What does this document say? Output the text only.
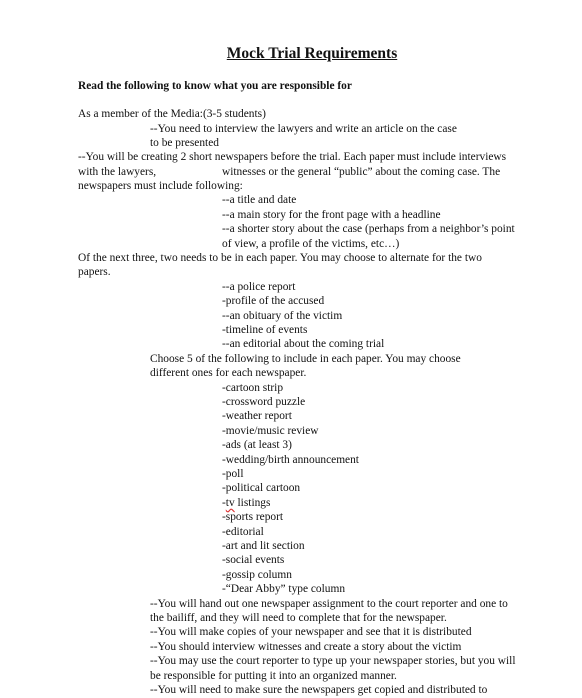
Mock Trial Requirements
Read the following to know what you are responsible for
As a member of the Media:(3-5 students)
--You need to interview the lawyers and write an article on the case
to be presented
--You will be creating 2 short newspapers before the trial. Each paper must include interviews
with the lawyers,	witnesses or the general “public” about the coming case. The
newspapers must include following:
--a title and date
--a main story for the front page with a headline
--a shorter story about the case (perhaps from a neighbor’s point
of view, a profile of the victims, etc…)
Of the next three, two needs to be in each paper. You may choose to alternate for the two
papers.
--a police report
-profile of the accused
--an obituary of the victim
-timeline of events
--an editorial about the coming trial
Choose 5 of the following to include in each paper. You may choose
different ones for each newspaper.
-cartoon strip
-crossword puzzle
-weather report
-movie/music review
-ads (at least 3)
-wedding/birth announcement
-poll
-political cartoon
-tv listings
-sports report
-editorial
-art and lit section
-social events
-gossip column
-“Dear Abby” type column
--You will hand out one newspaper assignment to the court reporter and one to
the bailiff, and they will need to complete that for the newspaper.
--You will make copies of your newspaper and see that it is distributed
--You should interview witnesses and create a story about the victim
--You may use the court reporter to type up your newspaper stories, but you will
be responsible for putting it into an organized manner.
--You will need to make sure the newspapers get copied and distributed to
